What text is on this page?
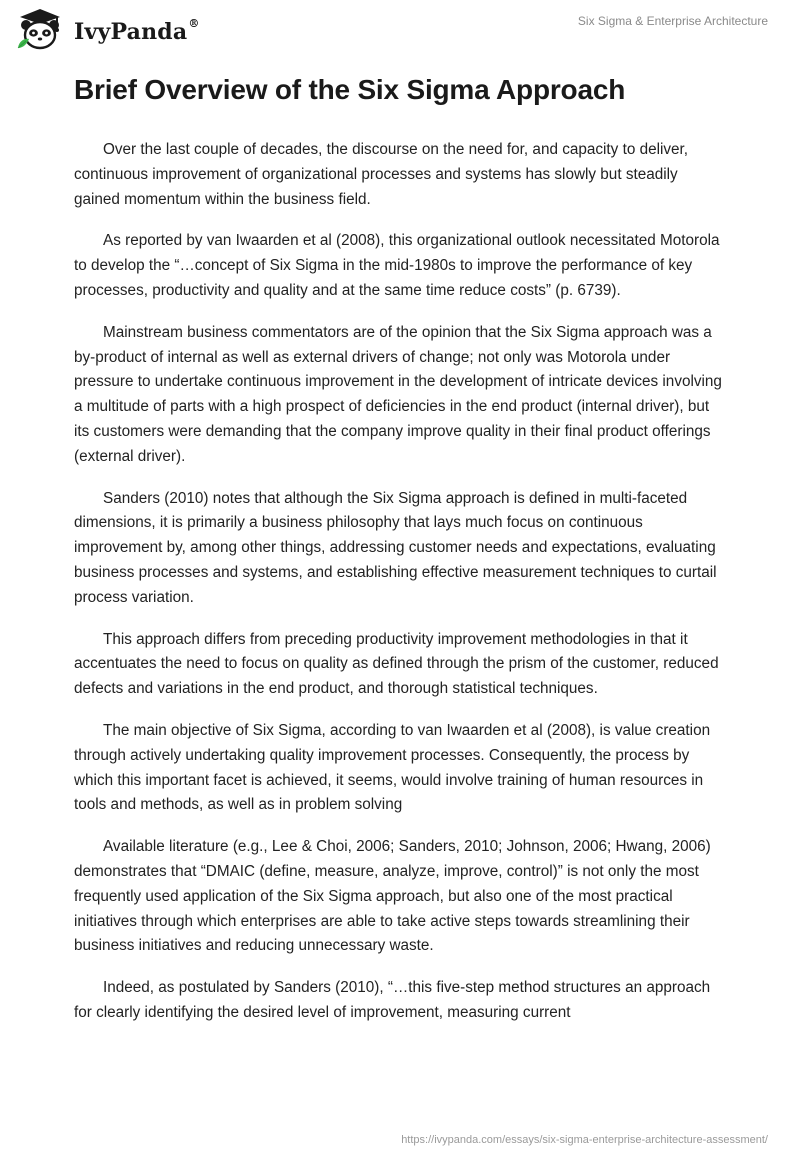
IvyPanda®	Six Sigma & Enterprise Architecture
Brief Overview of the Six Sigma Approach

Over the last couple of decades, the discourse on the need for, and capacity to deliver, continuous improvement of organizational processes and systems has slowly but steadily gained momentum within the business field.

As reported by van Iwaarden et al (2008), this organizational outlook necessitated Motorola to develop the “…concept of Six Sigma in the mid-1980s to improve the performance of key processes, productivity and quality and at the same time reduce costs” (p. 6739).

Mainstream business commentators are of the opinion that the Six Sigma approach was a by-product of internal as well as external drivers of change; not only was Motorola under pressure to undertake continuous improvement in the development of intricate devices involving a multitude of parts with a high prospect of deficiencies in the end product (internal driver), but its customers were demanding that the company improve quality in their final product offerings (external driver).

Sanders (2010) notes that although the Six Sigma approach is defined in multi-faceted dimensions, it is primarily a business philosophy that lays much focus on continuous improvement by, among other things, addressing customer needs and expectations, evaluating business processes and systems, and establishing effective measurement techniques to curtail process variation.

This approach differs from preceding productivity improvement methodologies in that it accentuates the need to focus on quality as defined through the prism of the customer, reduced defects and variations in the end product, and thorough statistical techniques.

The main objective of Six Sigma, according to van Iwaarden et al (2008), is value creation through actively undertaking quality improvement processes. Consequently, the process by which this important facet is achieved, it seems, would involve training of human resources in tools and methods, as well as in problem solving

Available literature (e.g., Lee & Choi, 2006; Sanders, 2010; Johnson, 2006; Hwang, 2006) demonstrates that “DMAIC (define, measure, analyze, improve, control)” is not only the most frequently used application of the Six Sigma approach, but also one of the most practical initiatives through which enterprises are able to take active steps towards streamlining their business initiatives and reducing unnecessary waste.

Indeed, as postulated by Sanders (2010), “…this five-step method structures an approach for clearly identifying the desired level of improvement, measuring current

https://ivypanda.com/essays/six-sigma-enterprise-architecture-assessment/
